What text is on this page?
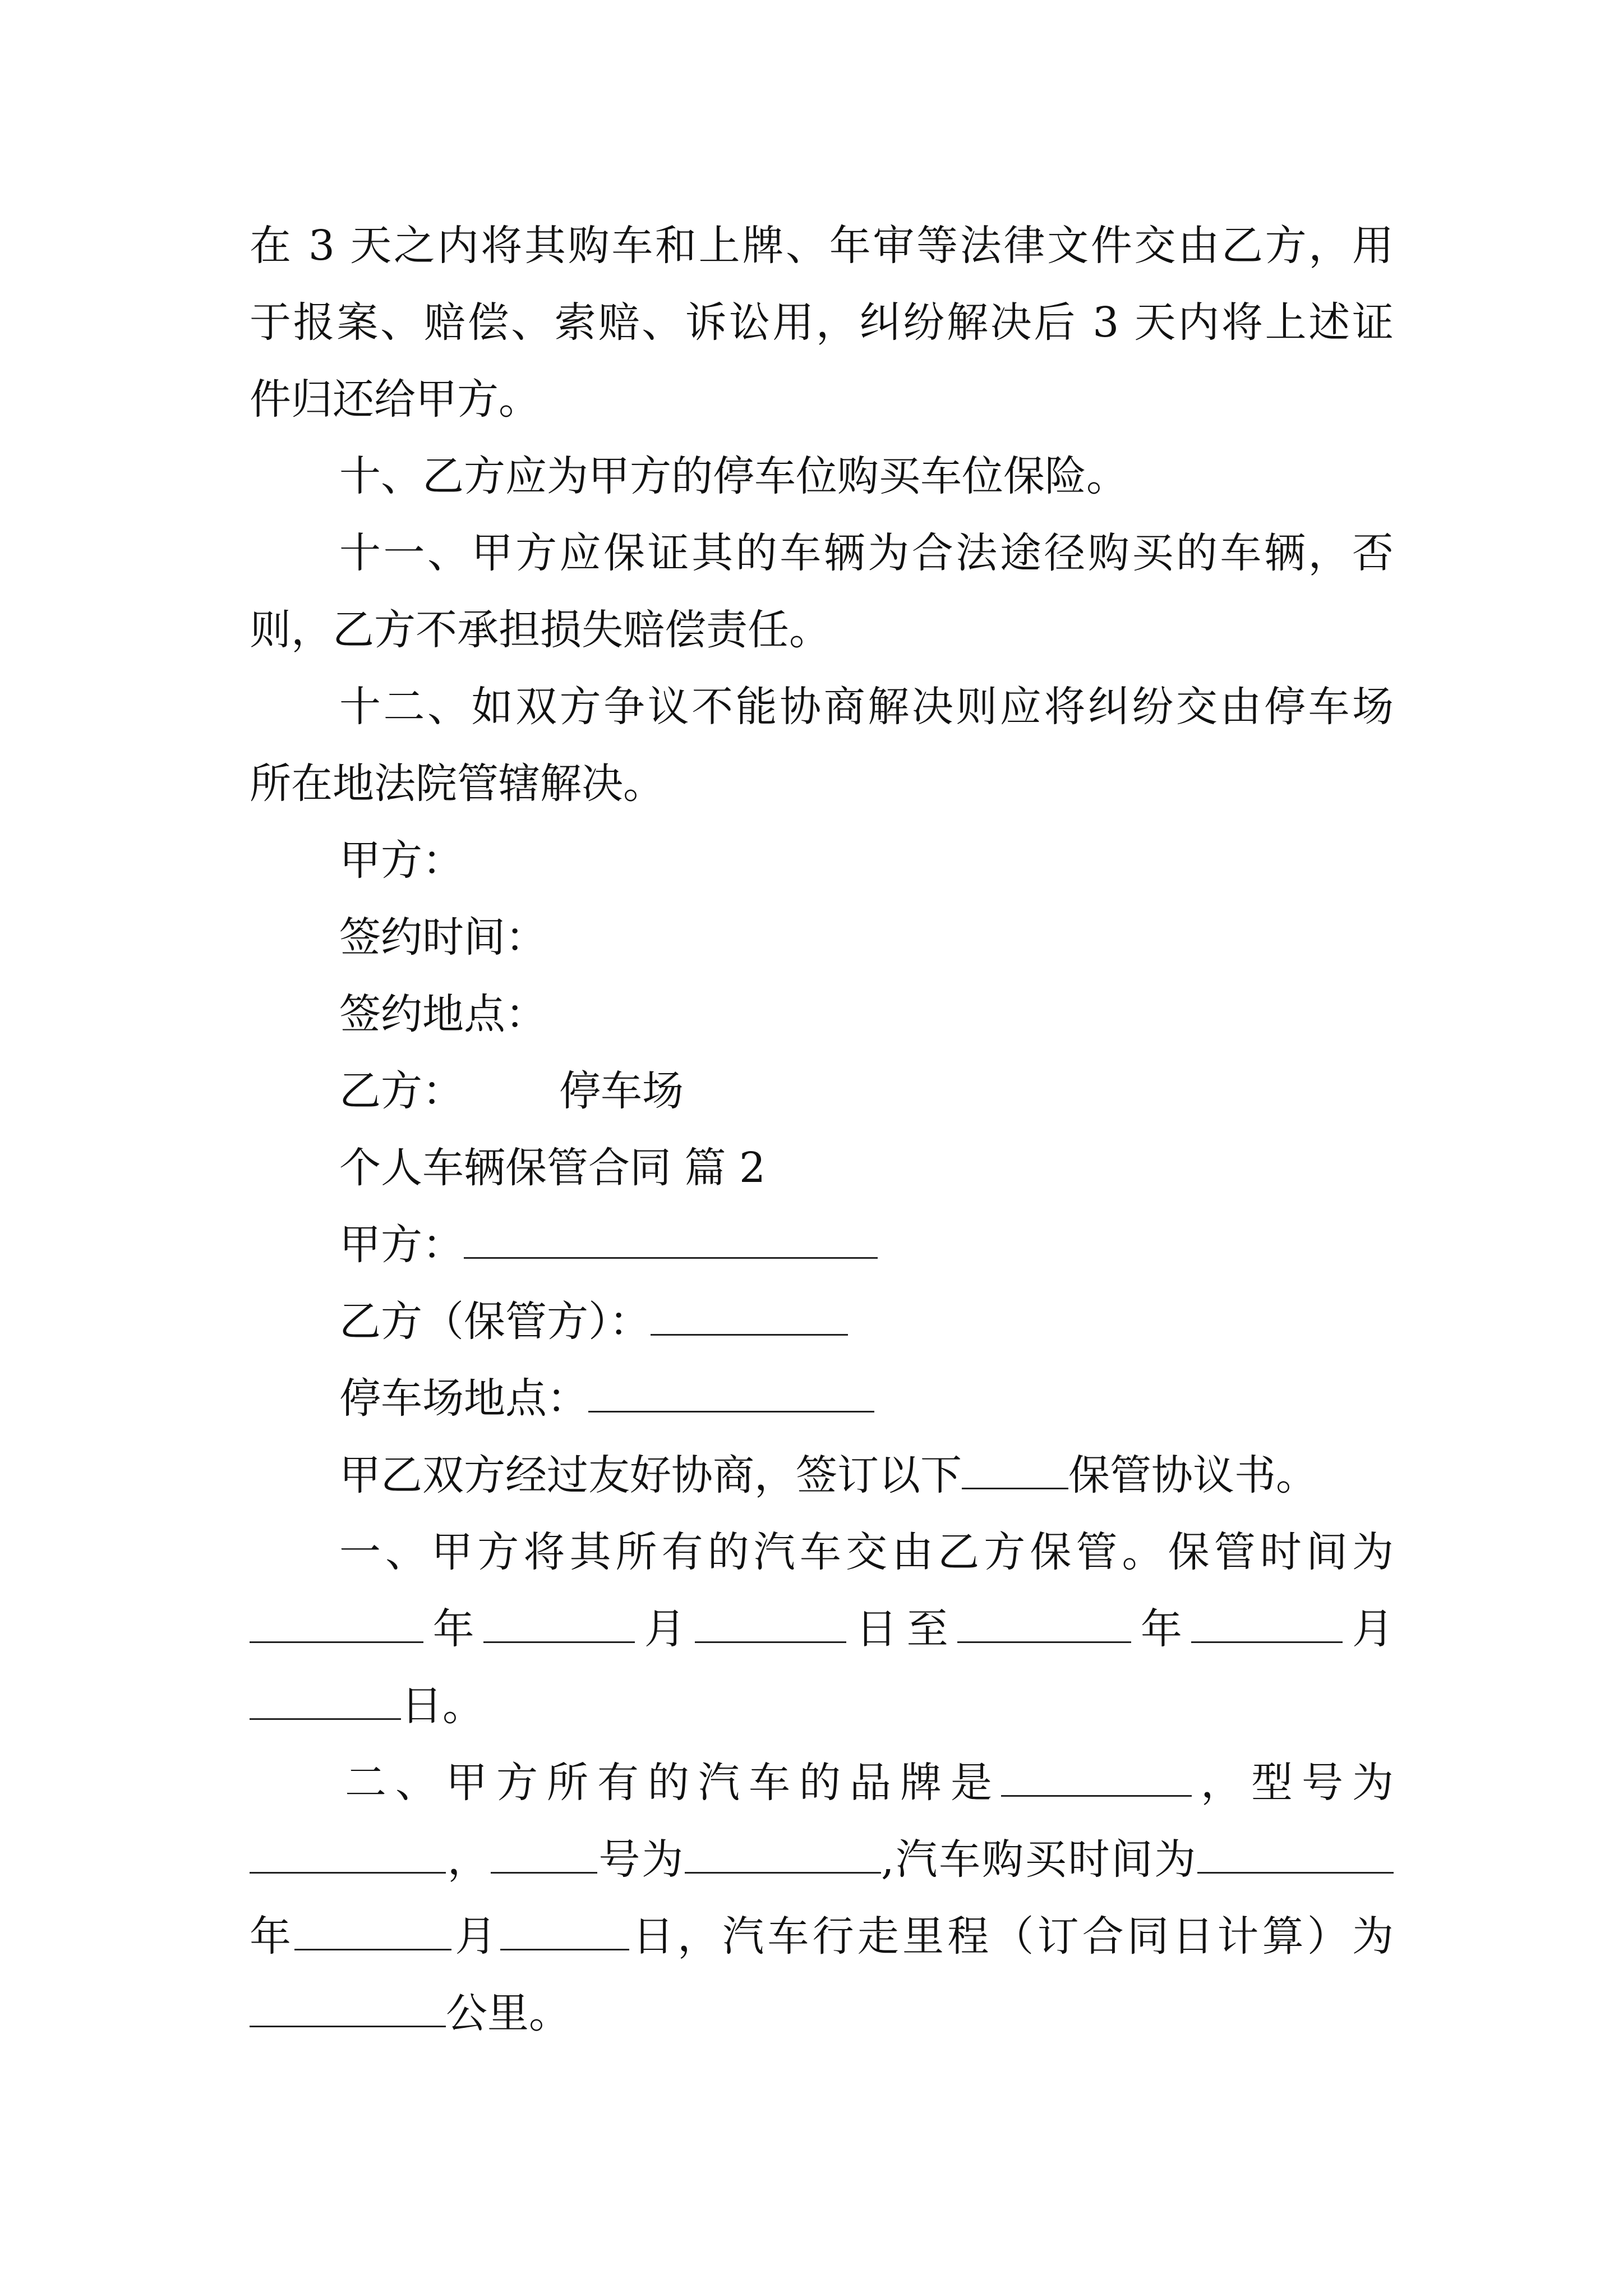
在 3 天之内将其购车和上牌、年审等法律文件交由乙方，用
于报案、赔偿、索赔、诉讼用，纠纷解决后 3 天内将上述证
件归还给甲方。
十、乙方应为甲方的停车位购买车位保险。
十一、甲方应保证其的车辆为合法途径购买的车辆，否
则，乙方不承担损失赔偿责任。
十二、如双方争议不能协商解决则应将纠纷交由停车场
所在地法院管辖解决。
甲方：
签约时间：
签约地点：
乙方： 停车场
个人车辆保管合同 篇 2
甲方：
乙方（保管方）：
停车场地点：
甲乙双方经过友好协商，签订以下	保管协议书。
一、甲方将其所有的汽车交由乙方保管。保管时间为
年	月	日至	年	月
日。
二、甲方所有的汽车的品牌是	，型号为
，	号为	,汽车购买时间为
年	月	日，汽车行走里程（订合同日计算）为
公里。
